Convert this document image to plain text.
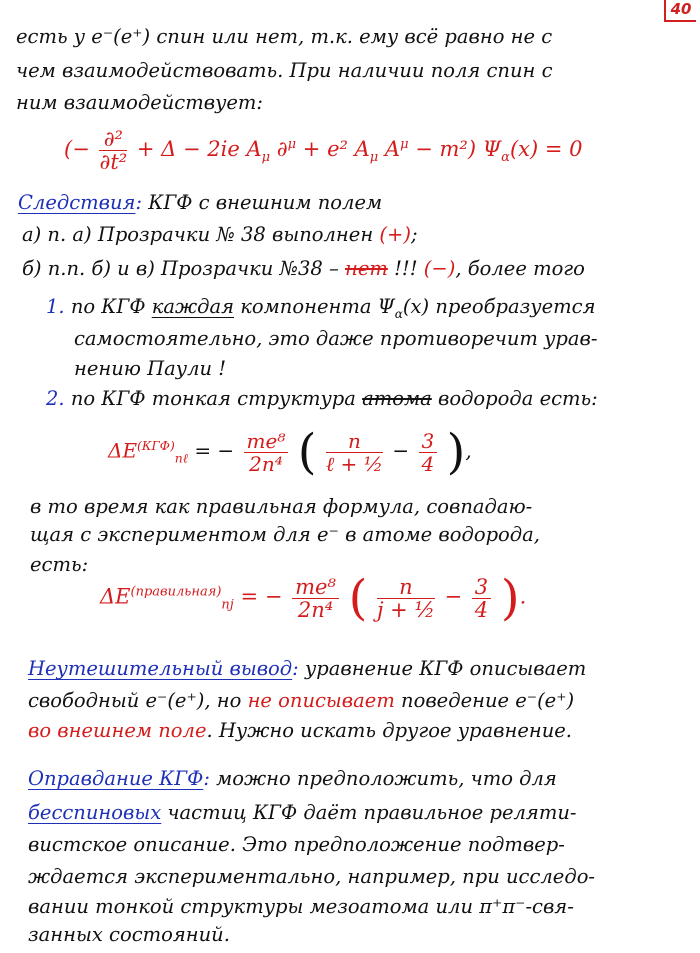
40
есть у e⁻(e⁺) спин или нет, т.к. ему всё равно не с
чем взаимодействовать. При наличии поля спин с
ним взаимодействует:
(− $\frac{\text{∂²}}{\text{∂t²}} + \Delta - 2ie$ $A_\mu$ ∂$^\mu$ + e² $A_\mu$ $A^\mu - m^2$) $\Psi_\alpha(x) = 0$
Следствия: КГФ с внешним полем
а) п. а) Прозрачки № 38 выполнен (+);
б) п.п. б) и в) Прозрачки №38 – нет !!! (−), более того
1. по КГФ каждая компонента $\Psi_\alpha(x)$ преобразуется
самостоятельно, это даже противоречит урав-
нению Паули !
2. по КГФ тонкая структура атома водорода есть:
$\Delta E^{(КГФ)}_{n\ell}$ = − $\frac{\text{me⁸}}{\text{2n⁴}}$ ( $\frac{n}{\text{ℓ + ½}} - \frac{3}{4}$ ),
в то время как правильная формула, совпадаю-
щая с экспериментом для e⁻ в атоме водорода,
есть:
$\Delta E^{(правильная)}_{nj}$ = − $\frac{\text{me⁸}}{\text{2n⁴}}$ ( $\frac{n}{\text{j + ½}} - \frac{3}{4}$ ).
Неутешительный вывод: уравнение КГФ описывает
свободный e⁻(e⁺), но не описывает поведение e⁻(e⁺)
во внешнем поле. Нужно искать другое уравнение.
Оправдание КГФ: можно предположить, что для
бесспиновых частиц КГФ даёт правильное реляти-
вистское описание. Это предположение подтвер-
ждается экспериментально, например, при исследо-
вании тонкой структуры мезоатома или π⁺π⁻-свя-
занных состояний.
